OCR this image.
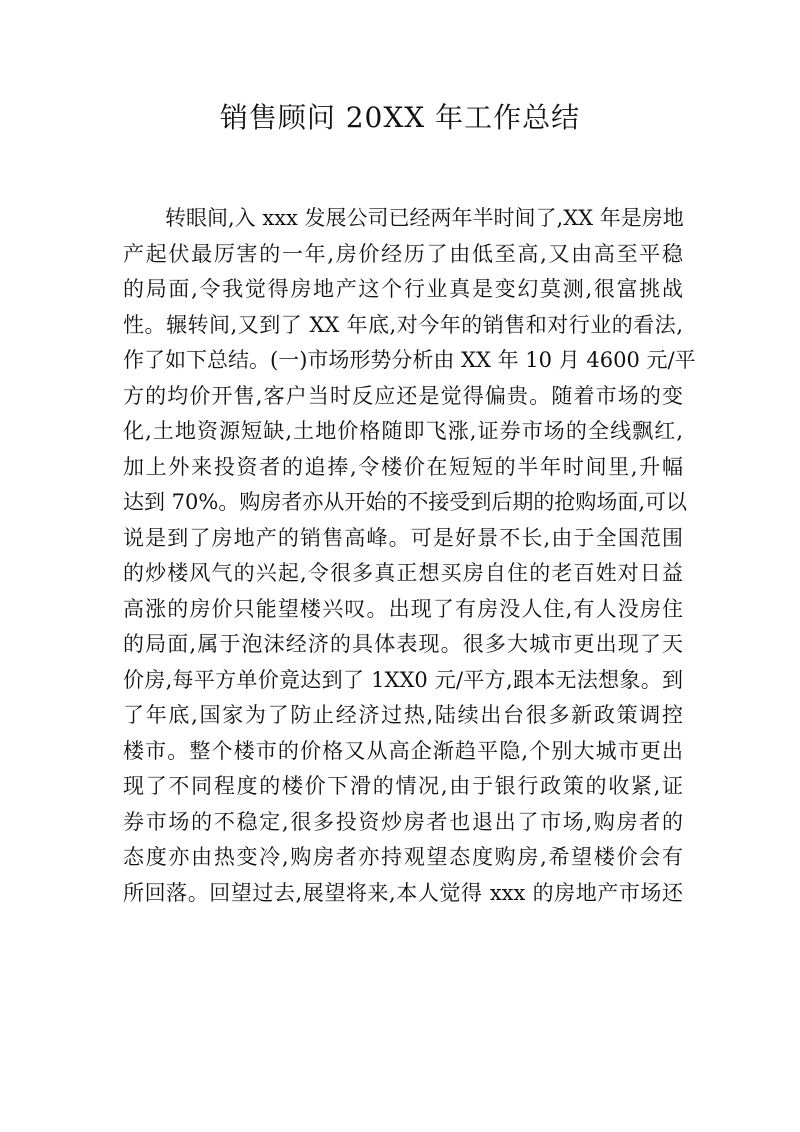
销售顾问 20XX 年工作总结
转眼间,入 xxx 发展公司已经两年半时间了,XX 年是房地
产起伏最厉害的一年,房价经历了由低至高,又由高至平稳
的局面,令我觉得房地产这个行业真是变幻莫测,很富挑战
性。辗转间,又到了 XX 年底,对今年的销售和对行业的看法,
作了如下总结。(一)市场形势分析由 XX 年 10 月 4600 元/平
方的均价开售,客户当时反应还是觉得偏贵。随着市场的变
化,土地资源短缺,土地价格随即飞涨,证券市场的全线飘红,
加上外来投资者的追捧,令楼价在短短的半年时间里,升幅
达到 70%。购房者亦从开始的不接受到后期的抢购场面,可以
说是到了房地产的销售高峰。可是好景不长,由于全国范围
的炒楼风气的兴起,令很多真正想买房自住的老百姓对日益
高涨的房价只能望楼兴叹。出现了有房没人住,有人没房住
的局面,属于泡沫经济的具体表现。很多大城市更出现了天
价房,每平方单价竟达到了 1XX0 元/平方,跟本无法想象。到
了年底,国家为了防止经济过热,陆续出台很多新政策调控
楼市。整个楼市的价格又从高企渐趋平隐,个别大城市更出
现了不同程度的楼价下滑的情况,由于银行政策的收紧,证
券市场的不稳定,很多投资炒房者也退出了市场,购房者的
态度亦由热变冷,购房者亦持观望态度购房,希望楼价会有
所回落。回望过去,展望将来,本人觉得 xxx 的房地产市场还
